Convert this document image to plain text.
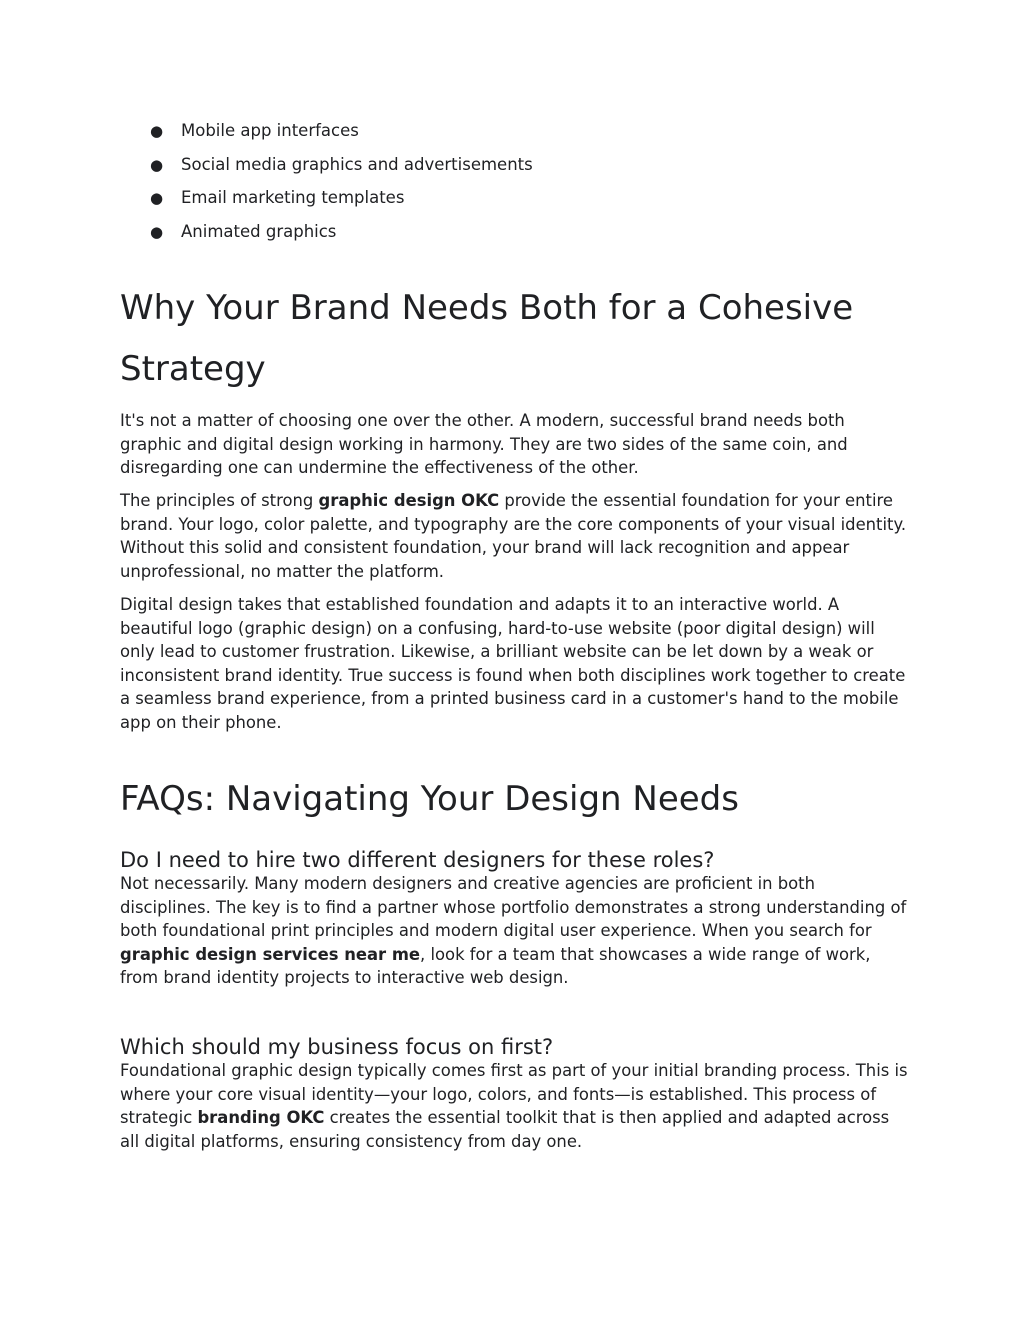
● Mobile app interfaces
● Social media graphics and advertisements
● Email marketing templates
● Animated graphics
Why Your Brand Needs Both for a Cohesive Strategy

It's not a matter of choosing one over the other. A modern, successful brand needs both graphic and digital design working in harmony. They are two sides of the same coin, and disregarding one can undermine the effectiveness of the other.

The principles of strong graphic design OKC provide the essential foundation for your entire brand. Your logo, color palette, and typography are the core components of your visual identity. Without this solid and consistent foundation, your brand will lack recognition and appear unprofessional, no matter the platform.

Digital design takes that established foundation and adapts it to an interactive world. A beautiful logo (graphic design) on a confusing, hard-to-use website (poor digital design) will only lead to customer frustration. Likewise, a brilliant website can be let down by a weak or inconsistent brand identity. True success is found when both disciplines work together to create a seamless brand experience, from a printed business card in a customer's hand to the mobile app on their phone.

FAQs: Navigating Your Design Needs
Do I need to hire two different designers for these roles?

Not necessarily. Many modern designers and creative agencies are proficient in both disciplines. The key is to find a partner whose portfolio demonstrates a strong understanding of both foundational print principles and modern digital user experience. When you search for graphic design services near me, look for a team that showcases a wide range of work, from brand identity projects to interactive web design.

Which should my business focus on first?

Foundational graphic design typically comes first as part of your initial branding process. This is where your core visual identity—your logo, colors, and fonts—is established. This process of strategic branding OKC creates the essential toolkit that is then applied and adapted across all digital platforms, ensuring consistency from day one.
